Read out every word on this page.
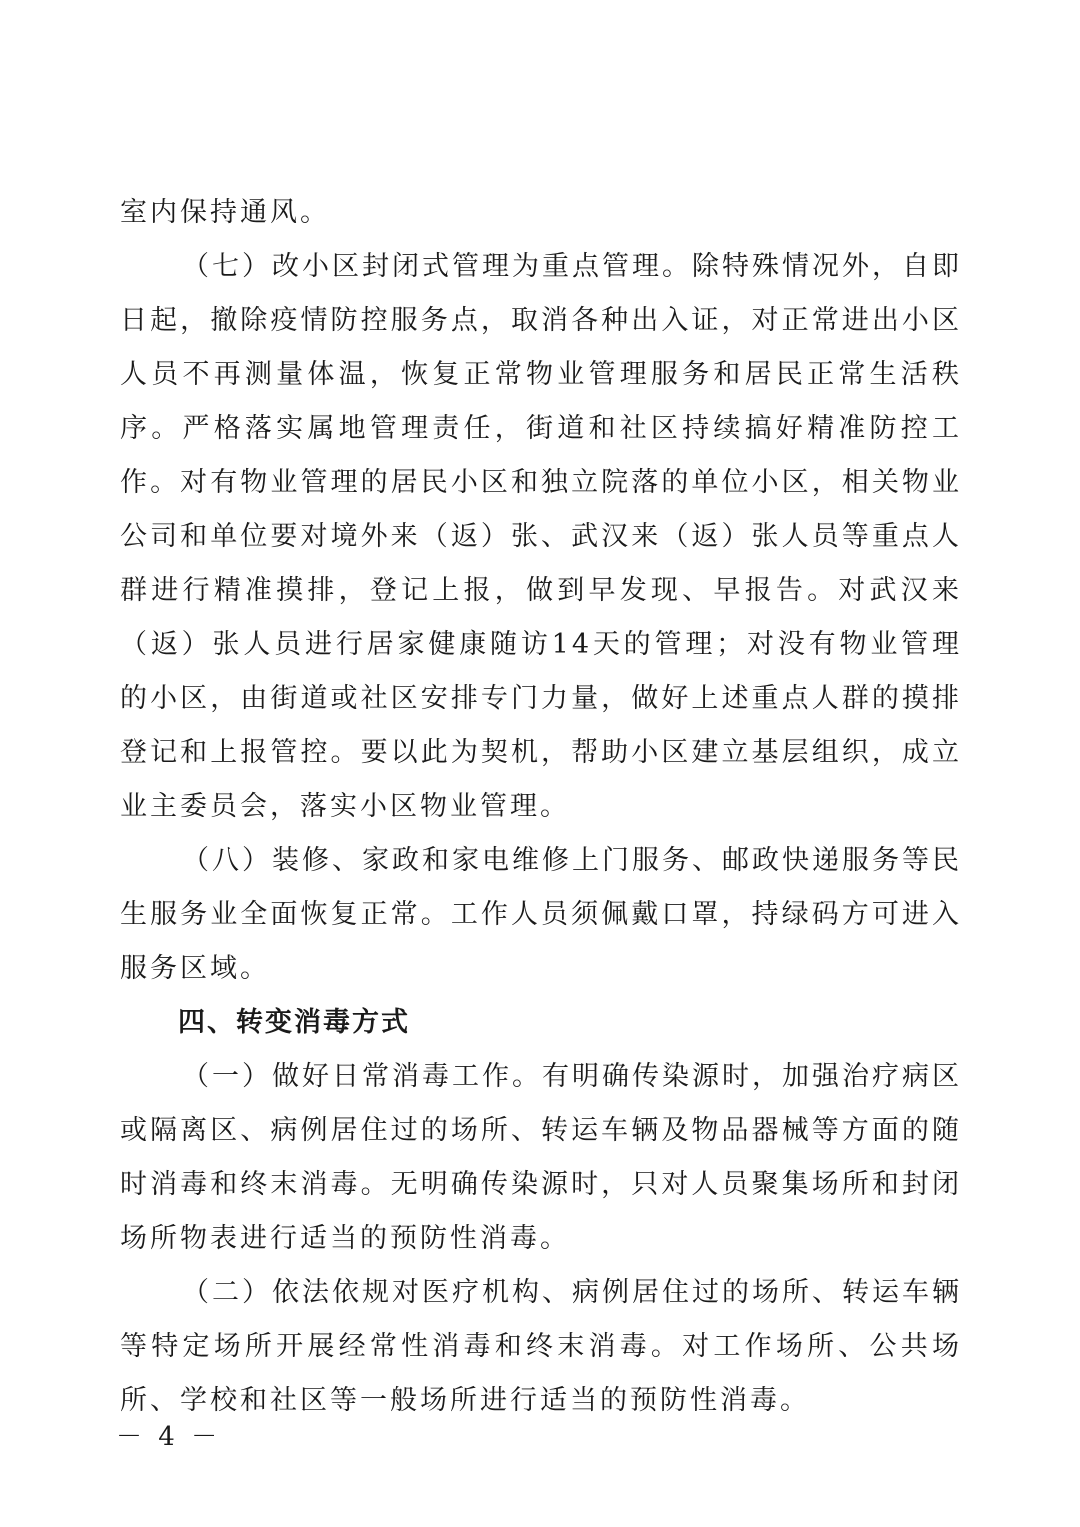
室内保持通风。

（七）改小区封闭式管理为重点管理。除特殊情况外，自即日起，撤除疫情防控服务点，取消各种出入证，对正常进出小区人员不再测量体温，恢复正常物业管理服务和居民正常生活秩序。严格落实属地管理责任，街道和社区持续搞好精准防控工作。对有物业管理的居民小区和独立院落的单位小区，相关物业公司和单位要对境外来（返）张、武汉来（返）张人员等重点人群进行精准摸排，登记上报，做到早发现、早报告。对武汉来（返）张人员进行居家健康随访14天的管理；对没有物业管理的小区，由街道或社区安排专门力量，做好上述重点人群的摸排登记和上报管控。要以此为契机，帮助小区建立基层组织，成立业主委员会，落实小区物业管理。

（八）装修、家政和家电维修上门服务、邮政快递服务等民生服务业全面恢复正常。工作人员须佩戴口罩，持绿码方可进入服务区域。

四、转变消毒方式

（一）做好日常消毒工作。有明确传染源时，加强治疗病区或隔离区、病例居住过的场所、转运车辆及物品器械等方面的随时消毒和终末消毒。无明确传染源时，只对人员聚集场所和封闭场所物表进行适当的预防性消毒。

（二）依法依规对医疗机构、病例居住过的场所、转运车辆等特定场所开展经常性消毒和终末消毒。对工作场所、公共场所、学校和社区等一般场所进行适当的预防性消毒。

－ 4 －
